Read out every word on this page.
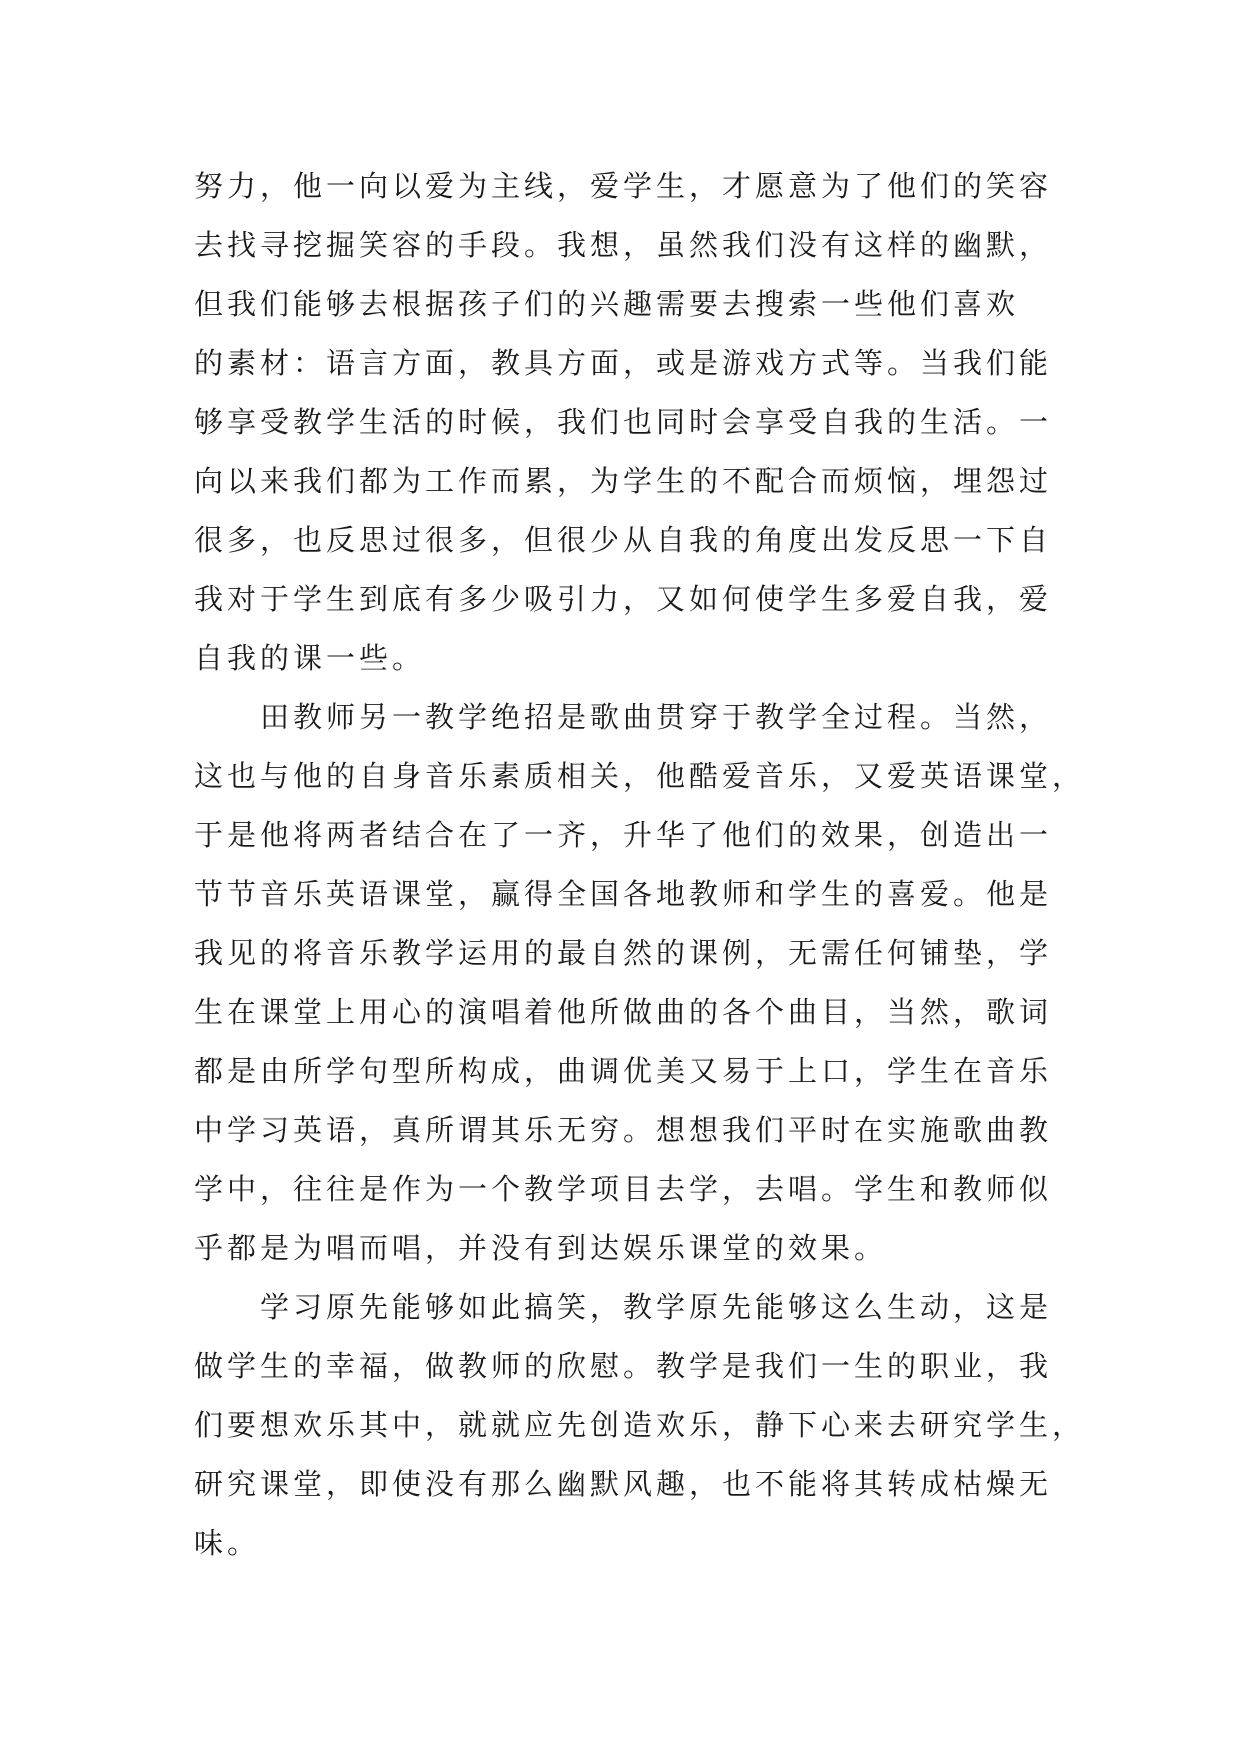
努力，他一向以爱为主线，爱学生，才愿意为了他们的笑容
去找寻挖掘笑容的手段。我想，虽然我们没有这样的幽默，
但我们能够去根据孩子们的兴趣需要去搜索一些他们喜欢
的素材：语言方面，教具方面，或是游戏方式等。当我们能
够享受教学生活的时候，我们也同时会享受自我的生活。一
向以来我们都为工作而累，为学生的不配合而烦恼，埋怨过
很多，也反思过很多，但很少从自我的角度出发反思一下自
我对于学生到底有多少吸引力，又如何使学生多爱自我，爱
自我的课一些。
田教师另一教学绝招是歌曲贯穿于教学全过程。当然，
这也与他的自身音乐素质相关，他酷爱音乐，又爱英语课堂，
于是他将两者结合在了一齐，升华了他们的效果，创造出一
节节音乐英语课堂，赢得全国各地教师和学生的喜爱。他是
我见的将音乐教学运用的最自然的课例，无需任何铺垫，学
生在课堂上用心的演唱着他所做曲的各个曲目，当然，歌词
都是由所学句型所构成，曲调优美又易于上口，学生在音乐
中学习英语，真所谓其乐无穷。想想我们平时在实施歌曲教
学中，往往是作为一个教学项目去学，去唱。学生和教师似
乎都是为唱而唱，并没有到达娱乐课堂的效果。
学习原先能够如此搞笑，教学原先能够这么生动，这是
做学生的幸福，做教师的欣慰。教学是我们一生的职业，我
们要想欢乐其中，就就应先创造欢乐，静下心来去研究学生，
研究课堂，即使没有那么幽默风趣，也不能将其转成枯燥无
味。
